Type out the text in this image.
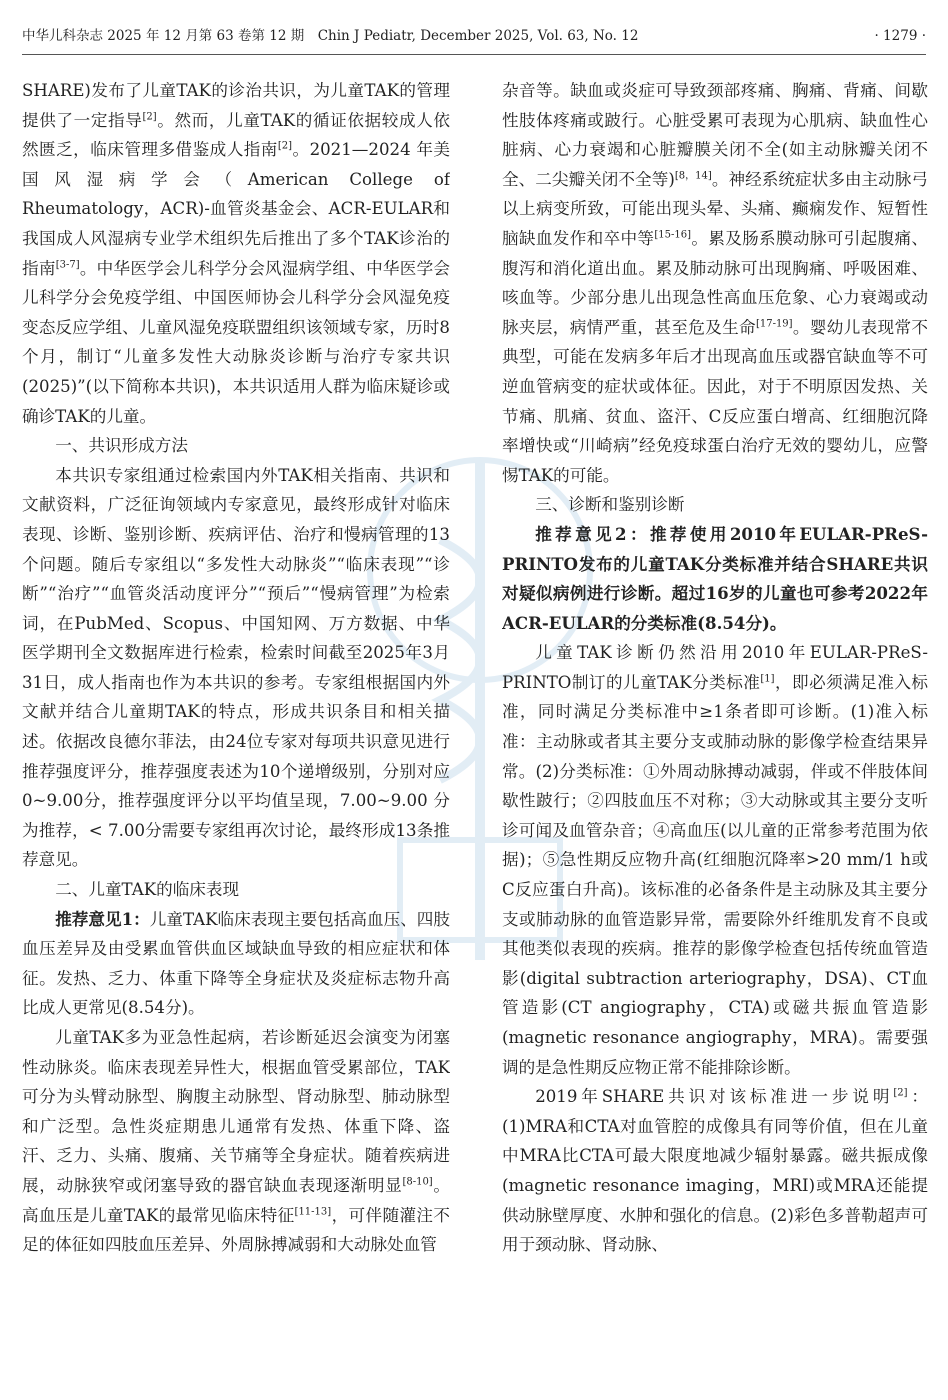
中华儿科杂志 2025 年 12 月第 63 卷第 12 期　Chin J Pediatr, December 2025, Vol. 63, No. 12	· 1279 ·

SHARE)发布了儿童TAK的诊治共识，为儿童TAK的管理提供了一定指导[2]。然而，儿童TAK的循证依据较成人依然匮乏，临床管理多借鉴成人指南[2]。2021—2024 年美国风湿病学会（American College of Rheumatology，ACR)-血管炎基金会、ACR-EULAR和我国成人风湿病专业学术组织先后推出了多个TAK诊治的指南[3-7]。中华医学会儿科学分会风湿病学组、中华医学会儿科学分会免疫学组、中国医师协会儿科学分会风湿免疫变态反应学组、儿童风湿免疫联盟组织该领域专家，历时8个月，制订“儿童多发性大动脉炎诊断与治疗专家共识(2025)”(以下简称本共识)，本共识适用人群为临床疑诊或确诊TAK的儿童。

一、共识形成方法

本共识专家组通过检索国内外TAK相关指南、共识和文献资料，广泛征询领域内专家意见，最终形成针对临床表现、诊断、鉴别诊断、疾病评估、治疗和慢病管理的13个问题。随后专家组以“多发性大动脉炎”“临床表现”“诊断”“治疗”“血管炎活动度评分”“预后”“慢病管理”为检索词，在PubMed、Scopus、中国知网、万方数据、中华医学期刊全文数据库进行检索，检索时间截至2025年3月31日，成人指南也作为本共识的参考。专家组根据国内外文献并结合儿童期TAK的特点，形成共识条目和相关描述。依据改良德尔菲法，由24位专家对每项共识意见进行推荐强度评分，推荐强度表述为10个递增级别，分别对应0~9.00分，推荐强度评分以平均值呈现，7.00~9.00 分为推荐，< 7.00分需要专家组再次讨论，最终形成13条推荐意见。

二、儿童TAK的临床表现

推荐意见1：儿童TAK临床表现主要包括高血压、四肢血压差异及由受累血管供血区域缺血导致的相应症状和体征。发热、乏力、体重下降等全身症状及炎症标志物升高比成人更常见(8.54分)。

儿童TAK多为亚急性起病，若诊断延迟会演变为闭塞性动脉炎。临床表现差异性大，根据血管受累部位，TAK可分为头臂动脉型、胸腹主动脉型、肾动脉型、肺动脉型和广泛型。急性炎症期患儿通常有发热、体重下降、盗汗、乏力、头痛、腹痛、关节痛等全身症状。随着疾病进展，动脉狭窄或闭塞导致的器官缺血表现逐渐明显[8-10]。高血压是儿童TAK的最常见临床特征[11-13]，可伴随灌注不足的体征如四肢血压差异、外周脉搏减弱和大动脉处血管

杂音等。缺血或炎症可导致颈部疼痛、胸痛、背痛、间歇性肢体疼痛或跛行。心脏受累可表现为心肌病、缺血性心脏病、心力衰竭和心脏瓣膜关闭不全(如主动脉瓣关闭不全、二尖瓣关闭不全等)[8，14]。神经系统症状多由主动脉弓以上病变所致，可能出现头晕、头痛、癫痫发作、短暂性脑缺血发作和卒中等[15-16]。累及肠系膜动脉可引起腹痛、腹泻和消化道出血。累及肺动脉可出现胸痛、呼吸困难、咳血等。少部分患儿出现急性高血压危象、心力衰竭或动脉夹层，病情严重，甚至危及生命[17-19]。婴幼儿表现常不典型，可能在发病多年后才出现高血压或器官缺血等不可逆血管病变的症状或体征。因此，对于不明原因发热、关节痛、肌痛、贫血、盗汗、C反应蛋白增高、红细胞沉降率增快或“川崎病”经免疫球蛋白治疗无效的婴幼儿，应警惕TAK的可能。

三、诊断和鉴别诊断

推荐意见2：推荐使用2010年EULAR-PReS-PRINTO发布的儿童TAK分类标准并结合SHARE共识对疑似病例进行诊断。超过16岁的儿童也可参考2022年ACR-EULAR的分类标准(8.54分)。

儿童TAK诊断仍然沿用2010年EULAR-PReS-PRINTO制订的儿童TAK分类标准[1]，即必须满足准入标准，同时满足分类标准中≥1条者即可诊断。(1)准入标准：主动脉或者其主要分支或肺动脉的影像学检查结果异常。(2)分类标准：①外周动脉搏动减弱，伴或不伴肢体间歇性跛行；②四肢血压不对称；③大动脉或其主要分支听诊可闻及血管杂音；④高血压(以儿童的正常参考范围为依据)；⑤急性期反应物升高(红细胞沉降率>20 mm/1 h或C反应蛋白升高)。该标准的必备条件是主动脉及其主要分支或肺动脉的血管造影异常，需要除外纤维肌发育不良或其他类似表现的疾病。推荐的影像学检查包括传统血管造影(digital subtraction arteriography，DSA)、CT血管造影(CT angiography，CTA)或磁共振血管造影(magnetic resonance angiography，MRA)。需要强调的是急性期反应物正常不能排除诊断。

2019年SHARE共识对该标准进一步说明[2]：(1)MRA和CTA对血管腔的成像具有同等价值，但在儿童中MRA比CTA可最大限度地减少辐射暴露。磁共振成像(magnetic resonance imaging，MRI)或MRA还能提供动脉壁厚度、水肿和强化的信息。(2)彩色多普勒超声可用于颈动脉、肾动脉、
